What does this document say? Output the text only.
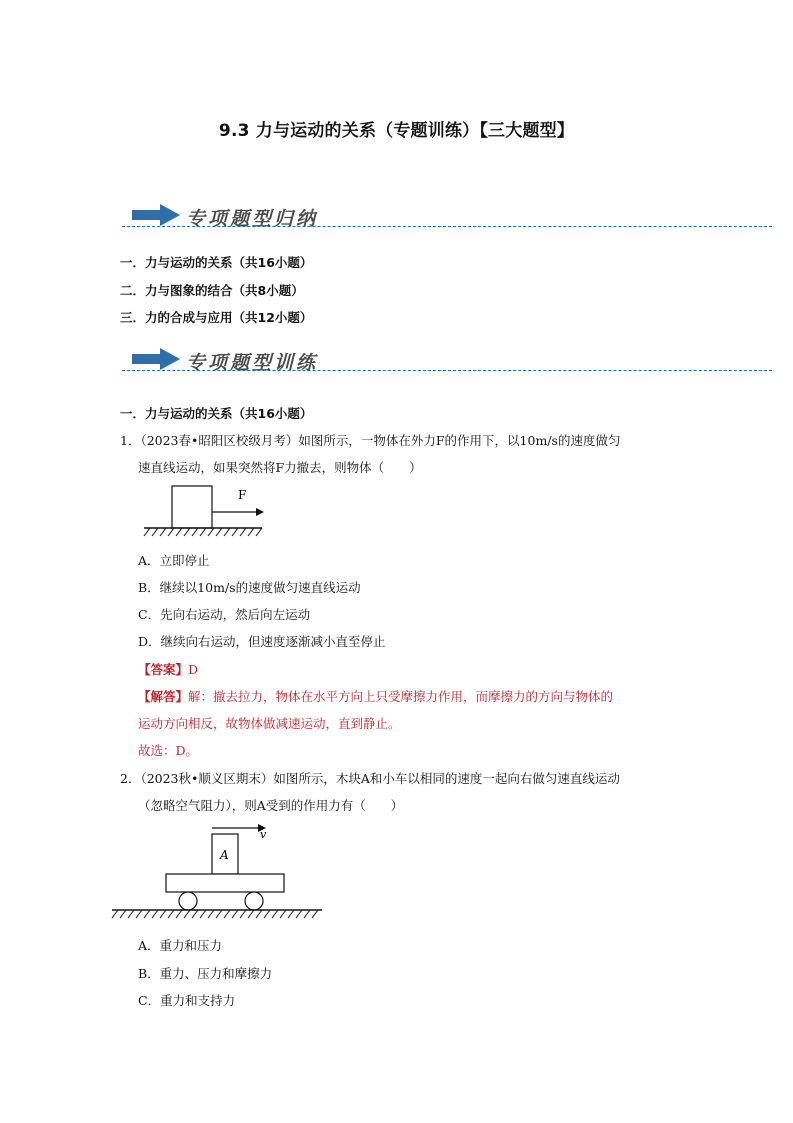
9.3 力与运动的关系（专题训练）【三大题型】
专项题型归纳
一．力与运动的关系（共16小题）
二．力与图象的结合（共8小题）
三．力的合成与应用（共12小题）
专项题型训练
一．力与运动的关系（共16小题）
1．（2023春•昭阳区校级月考）如图所示，一物体在外力F的作用下，以10m/s的速度做匀
速直线运动，如果突然将F力撤去，则物体（　　）
F
A．立即停止
B．继续以10m/s的速度做匀速直线运动
C．先向右运动，然后向左运动
D．继续向右运动，但速度逐渐减小直至停止
【答案】D
【解答】解：撤去拉力，物体在水平方向上只受摩擦力作用，而摩擦力的方向与物体的
运动方向相反，故物体做减速运动，直到静止。
故选：D。
2．（2023秋•顺义区期末）如图所示，木块A和小车以相同的速度一起向右做匀速直线运动
（忽略空气阻力），则A受到的作用力有（　　）
v
A
A．重力和压力
B．重力、压力和摩擦力
C．重力和支持力
